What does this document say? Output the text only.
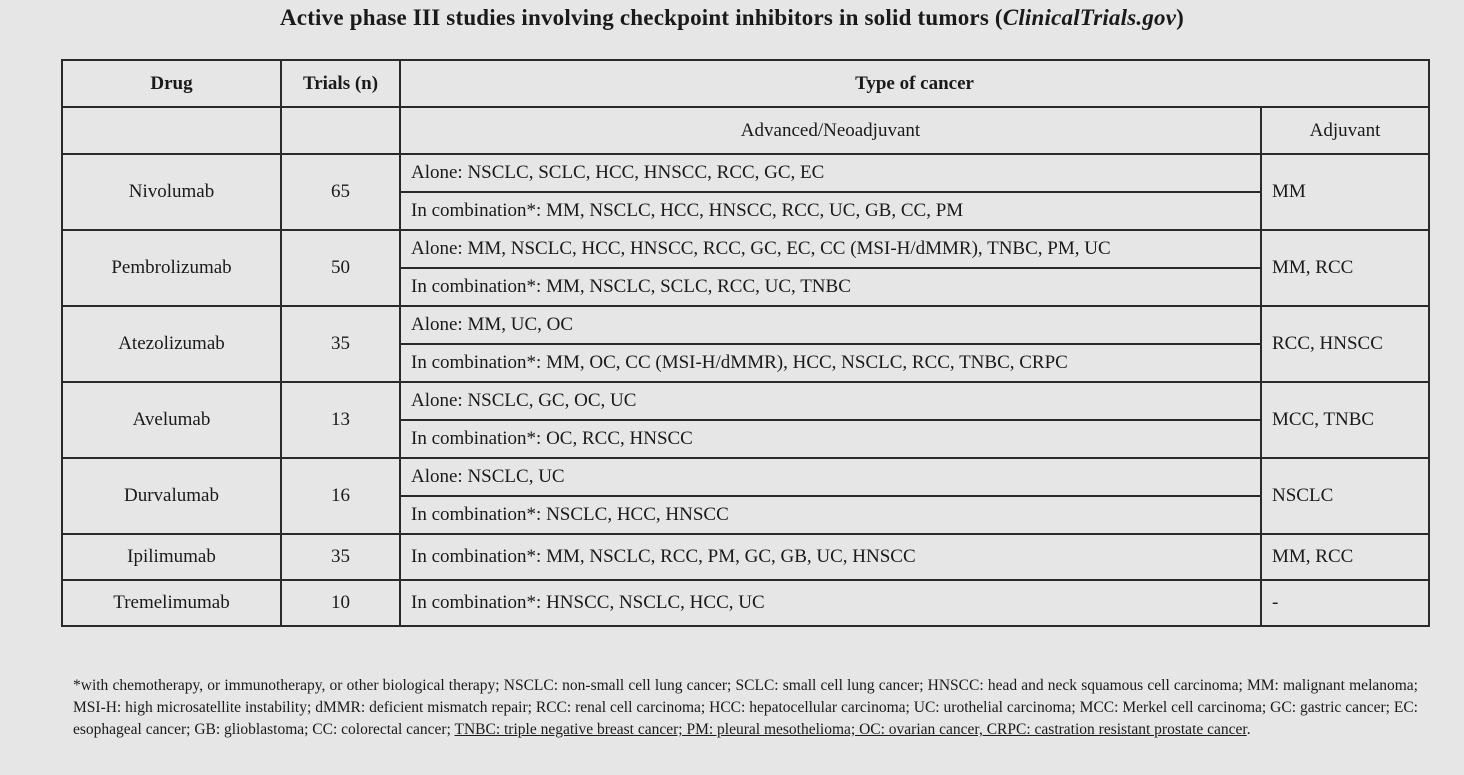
Active phase III studies involving checkpoint inhibitors in solid tumors (ClinicalTrials.gov)
Drug	Trials (n)	Type of cancer	
		Advanced/Neoadjuvant	Adjuvant
Nivolumab	65	Alone: NSCLC, SCLC, HCC, HNSCC, RCC, GC, EC	MM
		In combination*: MM, NSCLC, HCC, HNSCC, RCC, UC, GB, CC, PM	
Pembrolizumab	50	Alone: MM, NSCLC, HCC, HNSCC, RCC, GC, EC, CC (MSI-H/dMMR), TNBC, PM, UC	MM, RCC
		In combination*: MM, NSCLC, SCLC, RCC, UC, TNBC	
Atezolizumab	35	Alone: MM, UC, OC	RCC, HNSCC
		In combination*: MM, OC, CC (MSI-H/dMMR), HCC, NSCLC, RCC, TNBC, CRPC	
Avelumab	13	Alone: NSCLC, GC, OC, UC	MCC, TNBC
		In combination*: OC, RCC, HNSCC	
Durvalumab	16	Alone: NSCLC, UC	NSCLC
		In combination*: NSCLC, HCC, HNSCC	
Ipilimumab	35	In combination*: MM, NSCLC, RCC, PM, GC, GB, UC, HNSCC	MM, RCC
Tremelimumab	10	In combination*: HNSCC, NSCLC, HCC, UC	-
*with chemotherapy, or immunotherapy, or other biological therapy; NSCLC: non-small cell lung cancer; SCLC: small cell lung cancer; HNSCC: head and neck squamous cell carcinoma; MM: malignant melanoma; MSI-H: high microsatellite instability; dMMR: deficient mismatch repair; RCC: renal cell carcinoma; HCC: hepatocellular carcinoma; UC: urothelial carcinoma; MCC: Merkel cell carcinoma; GC: gastric cancer; EC: esophageal cancer; GB: glioblastoma; CC: colorectal cancer; TNBC: triple negative breast cancer; PM: pleural mesothelioma; OC: ovarian cancer, CRPC: castration resistant prostate cancer.
